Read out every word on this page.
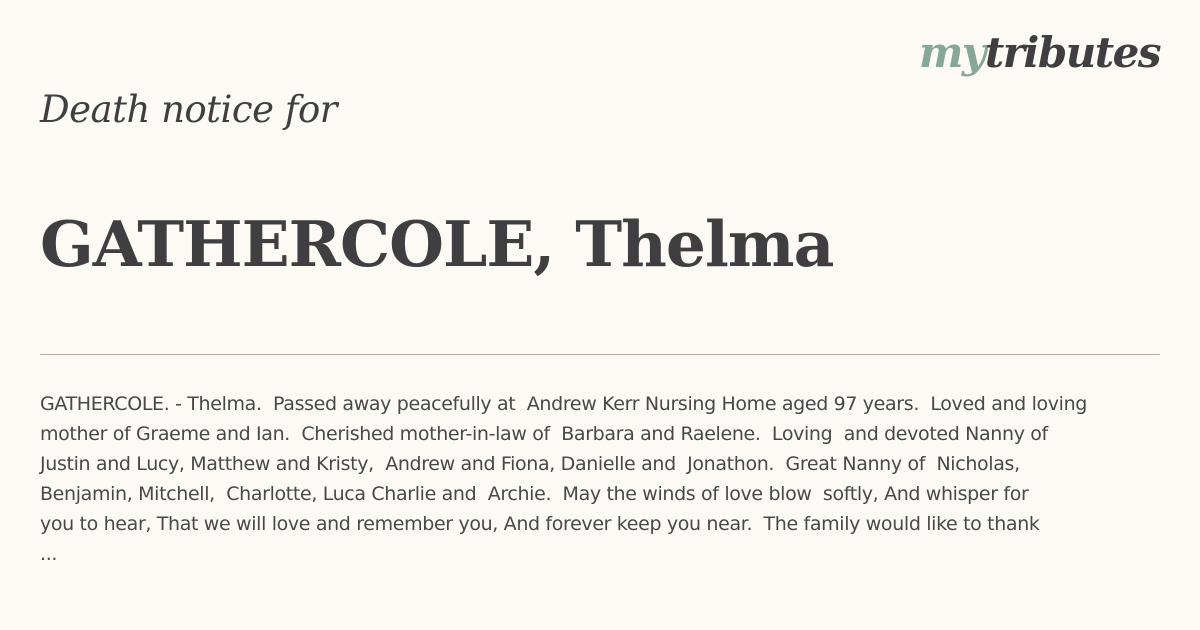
mytributes
Death notice for
GATHERCOLE, Thelma
GATHERCOLE. - Thelma.  Passed away peacefully at  Andrew Kerr Nursing Home aged 97 years.  Loved and loving
mother of Graeme and Ian.  Cherished mother-in-law of  Barbara and Raelene.  Loving  and devoted Nanny of
Justin and Lucy, Matthew and Kristy,  Andrew and Fiona, Danielle and  Jonathon.  Great Nanny of  Nicholas,
Benjamin, Mitchell,  Charlotte, Luca Charlie and  Archie.  May the winds of love blow  softly, And whisper for
you to hear, That we will love and remember you, And forever keep you near.  The family would like to thank
...
